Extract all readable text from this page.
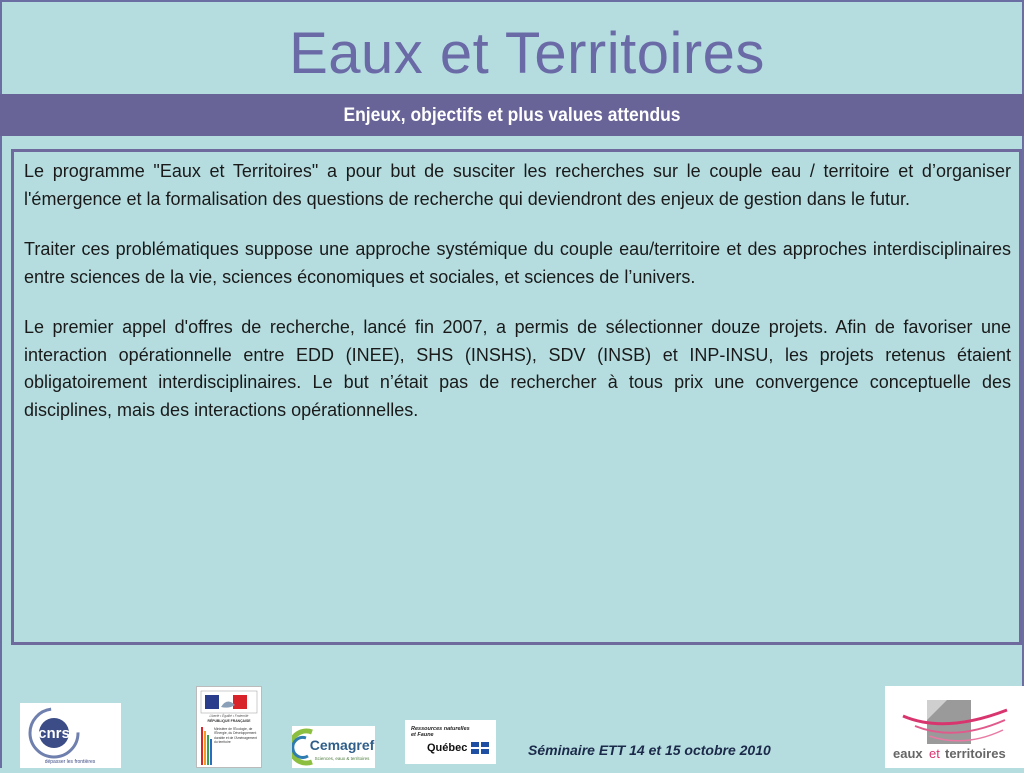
Eaux et Territoires
Enjeux, objectifs et plus values attendus

Le programme "Eaux et Territoires" a pour but de susciter les recherches sur le couple eau / territoire et d’organiser l'émergence et la formalisation des questions de recherche qui deviendront des enjeux de gestion dans le futur.

Traiter ces problématiques suppose une approche systémique du couple eau/territoire et des approches interdisciplinaires entre sciences de la vie, sciences économiques et sociales, et sciences de l’univers.

Le premier appel d'offres de recherche, lancé fin 2007, a permis de sélectionner douze projets. Afin de favoriser une interaction opérationnelle entre EDD (INEE), SHS (INSHS), SDV (INSB) et INP-INSU, les projets retenus étaient obligatoirement interdisciplinaires. Le but n’était pas de rechercher à tous prix une convergence conceptuelle des disciplines, mais des interactions opérationnelles.

cnrs
dépasser les frontières
Liberté • Égalité • Fraternité
RÉPUBLIQUE FRANÇAISE
Ministère de l'Écologie, de l'Énergie, du Développement durable et de l'Aménagement du territoire	Cemagref
Sciences, eaux & territoires
Ressources naturelles
et Faune
Québec	Séminaire ETT 14 et 15 octobre 2010	eaux et territoires
